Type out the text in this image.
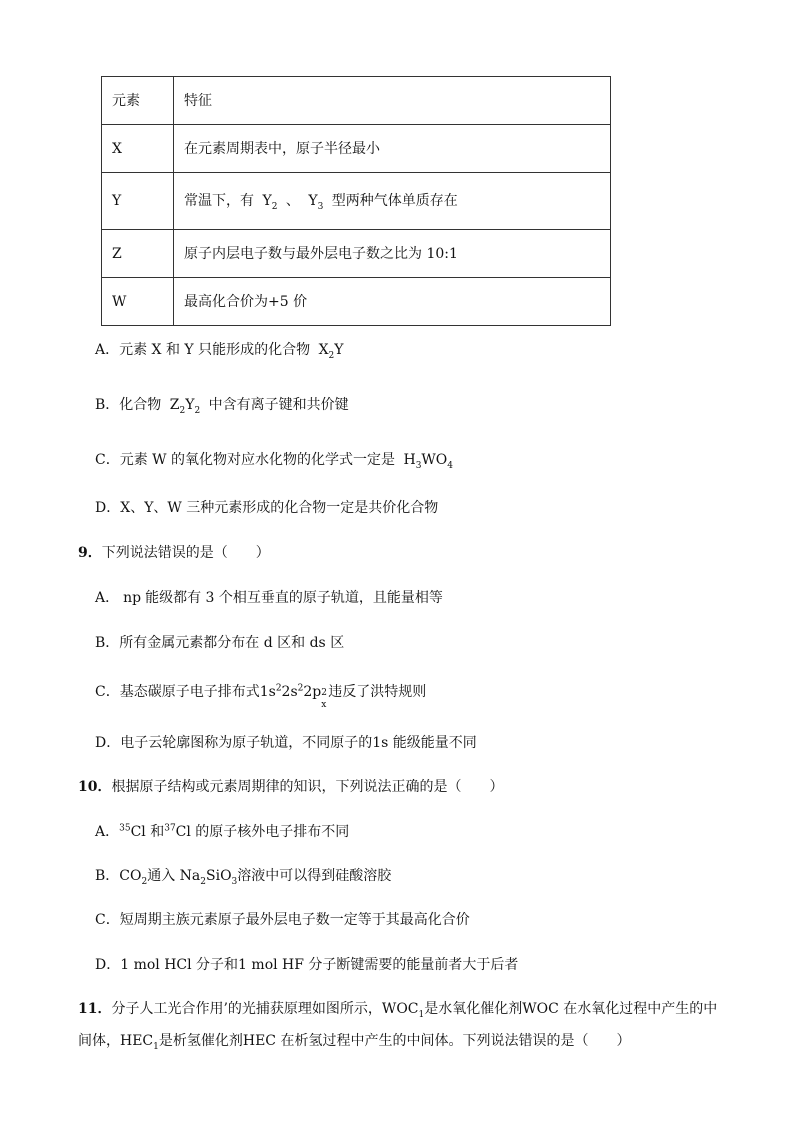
元素	特征
X	在元素周期表中，原子半径最小
Y	常温下，有 $Y_2$ 、 $Y_3$ 型两种气体单质存在
Z	原子内层电子数与最外层电子数之比为 10:1
W	最高化合价为+5 价
A．元素 X 和 Y 只能形成的化合物 $X_2Y$
B．化合物 $Z_2Y_2$ 中含有离子键和共价键
C．元素 W 的氧化物对应水化物的化学式一定是 $H_3WO_4$
D．X、Y、W 三种元素形成的化合物一定是共价化合物
9．下列说法错误的是（　　）
A． np 能级都有 3 个相互垂直的原子轨道，且能量相等
B．所有金属元素都分布在 d 区和 ds 区
C．基态碳原子电子排布式$1s^22s^22p$ 2
x
违反了洪特规则
D．电子云轮廓图称为原子轨道，不同原子的1s 能级能量不同
10．根据原子结构或元素周期律的知识，下列说法正确的是（　　）
A．$^{35}$Cl 和$^{37}$Cl 的原子核外电子排布不同
B．$CO_2$通入 $Na_2SiO_3$溶液中可以得到硅酸溶胶
C．短周期主族元素原子最外层电子数一定等于其最高化合价
D．1 mol HCl 分子和1 mol HF 分子断键需要的能量前者大于后者
11．分子人工光合作用’的光捕获原理如图所示，$WOC_1$是水氧化催化剂WOC 在水氧化过程中产生的中
间体，$HEC_1$是析氢催化剂HEC 在析氢过程中产生的中间体。下列说法错误的是（　　）
